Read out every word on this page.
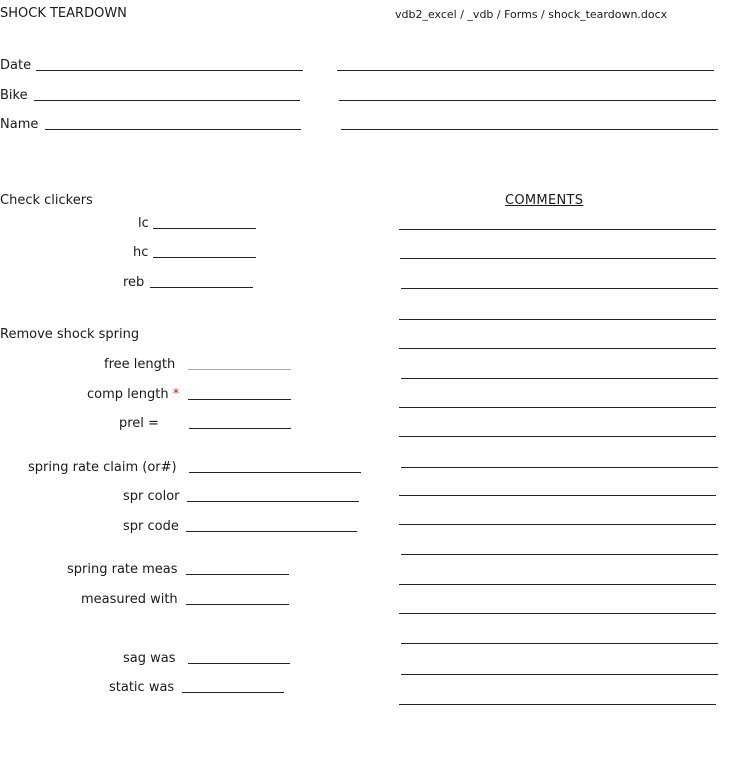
SHOCK TEARDOWN	vdb2_excel / _vdb / Forms / shock_teardown.docx
Date
Bike
Name
Check clickers
lc
hc
reb
Remove shock spring
free length
comp length *
prel =
spring rate claim (or#)
spr color
spr code
spring rate meas
measured with
sag was
static was
COMMENTS
